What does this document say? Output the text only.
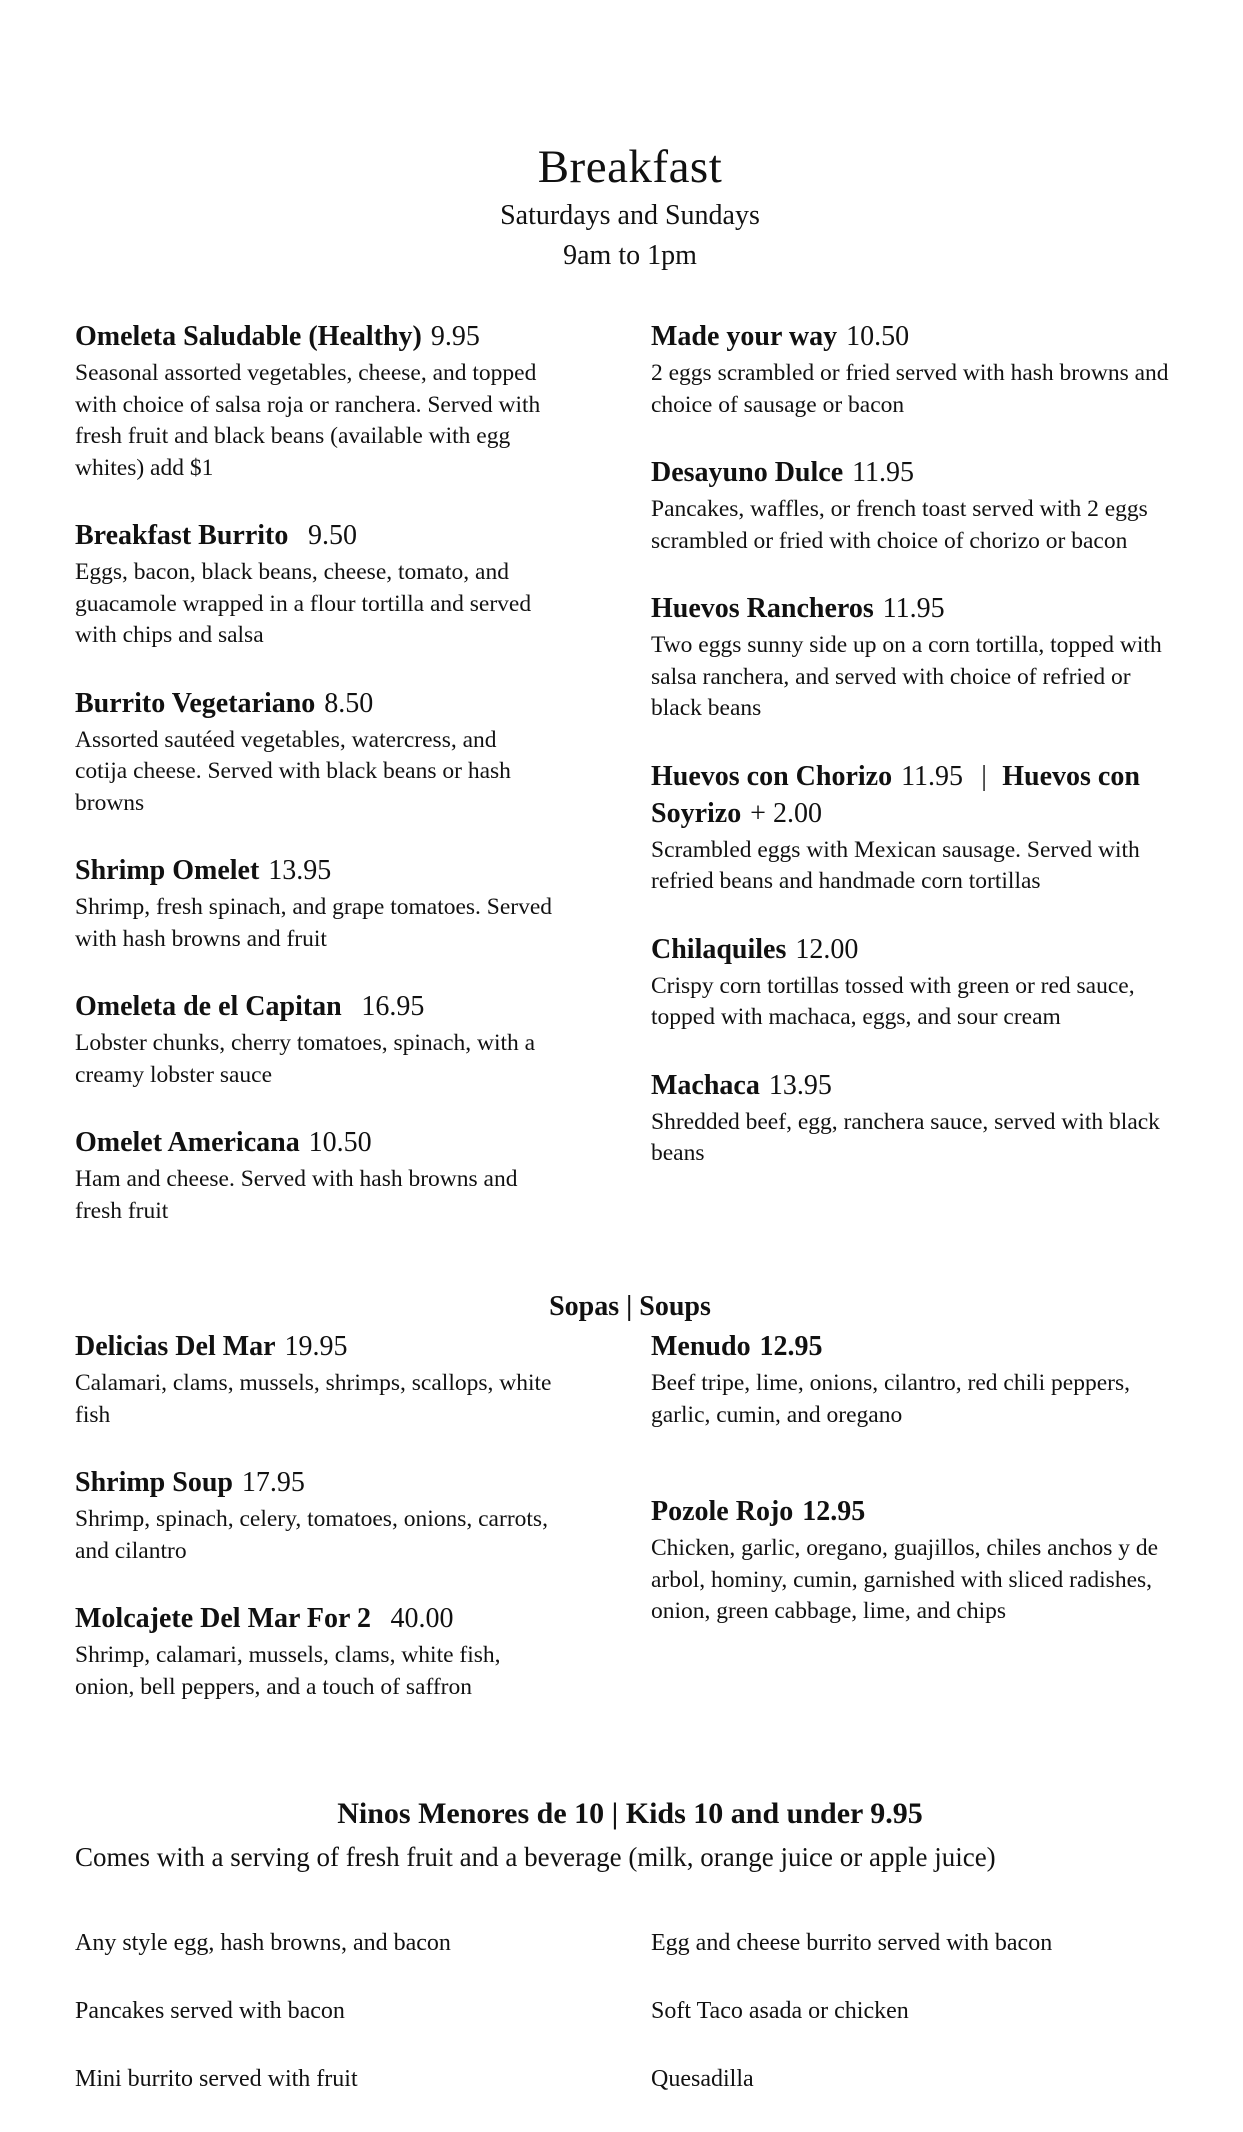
Breakfast
Saturdays and Sundays
9am to 1pm
Omeleta Saludable (Healthy) 9.95

Seasonal assorted vegetables, cheese, and topped with choice of salsa roja or ranchera. Served with fresh fruit and black beans (available with egg whites) add $1

Breakfast Burrito 9.50

Eggs, bacon, black beans, cheese, tomato, and guacamole wrapped in a flour tortilla and served with chips and salsa

Burrito Vegetariano 8.50

Assorted sautéed vegetables, watercress, and cotija cheese. Served with black beans or hash browns

Shrimp Omelet 13.95

Shrimp, fresh spinach, and grape tomatoes. Served with hash browns and fruit

Omeleta de el Capitan 16.95

Lobster chunks, cherry tomatoes, spinach, with a creamy lobster sauce

Omelet Americana 10.50

Ham and cheese. Served with hash browns and fresh fruit

Made your way 10.50

2 eggs scrambled or fried served with hash browns and choice of sausage or bacon

Desayuno Dulce 11.95

Pancakes, waffles, or french toast served with 2 eggs scrambled or fried with choice of chorizo or bacon

Huevos Rancheros 11.95

Two eggs sunny side up on a corn tortilla, topped with salsa ranchera, and served with choice of refried or black beans

Huevos con Chorizo 11.95 | Huevos con Soyrizo + 2.00

Scrambled eggs with Mexican sausage. Served with refried beans and handmade corn tortillas

Chilaquiles 12.00

Crispy corn tortillas tossed with green or red sauce, topped with machaca, eggs, and sour cream

Machaca 13.95

Shredded beef, egg, ranchera sauce, served with black beans

Sopas | Soups
Delicias Del Mar 19.95

Calamari, clams, mussels, shrimps, scallops, white fish

Shrimp Soup 17.95

Shrimp, spinach, celery, tomatoes, onions, carrots, and cilantro

Molcajete Del Mar For 2 40.00

Shrimp, calamari, mussels, clams, white fish, onion, bell peppers, and a touch of saffron

Menudo 12.95

Beef tripe, lime, onions, cilantro, red chili peppers, garlic, cumin, and oregano

Pozole Rojo 12.95

Chicken, garlic, oregano, guajillos, chiles anchos y de arbol, hominy, cumin, garnished with sliced radishes, onion, green cabbage, lime, and chips

Ninos Menores de 10 | Kids 10 and under 9.95

Comes with a serving of fresh fruit and a beverage (milk, orange juice or apple juice)

Any style egg, hash browns, and bacon
Pancakes served with bacon
Mini burrito served with fruit
Egg and cheese burrito served with bacon
Soft Taco asada or chicken
Quesadilla
